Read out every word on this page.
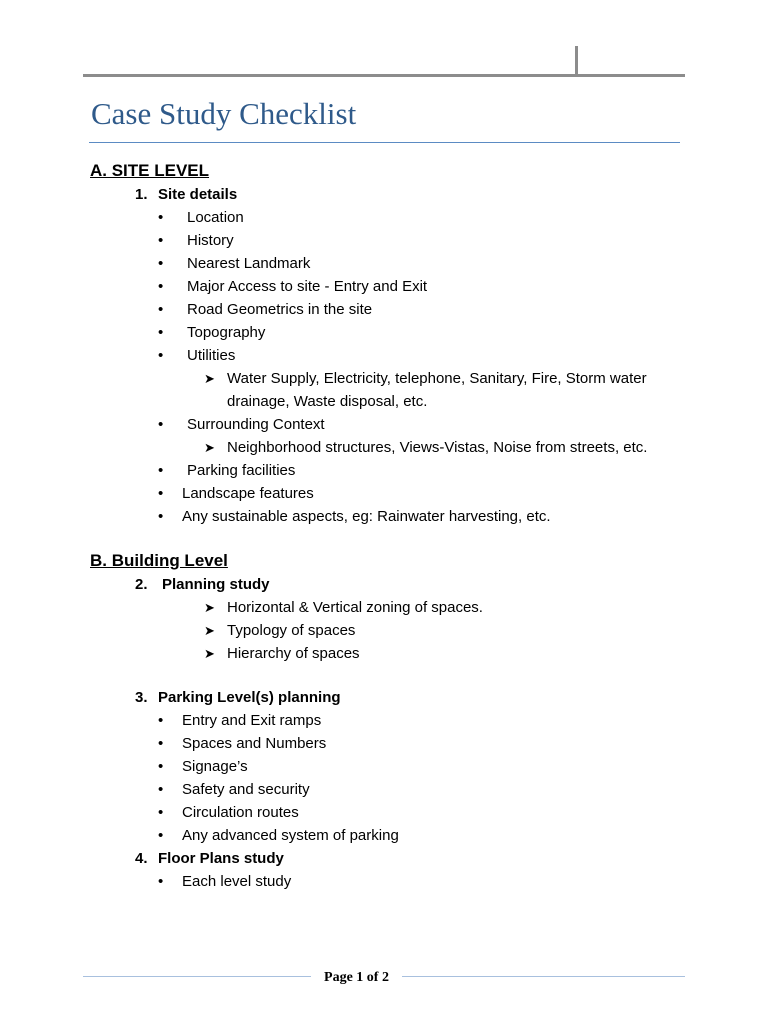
Case Study Checklist
A. SITE LEVEL
1. Site details
• Location
• History
• Nearest Landmark
• Major Access to site - Entry and Exit
• Road Geometrics in the site
• Topography
• Utilities
➤ Water Supply, Electricity, telephone, Sanitary, Fire, Storm water drainage, Waste disposal, etc.
• Surrounding Context
➤ Neighborhood structures, Views-Vistas, Noise from streets, etc.
• Parking facilities
• Landscape features
• Any sustainable aspects, eg: Rainwater harvesting, etc.
B. Building Level
2. Planning study
➤ Horizontal & Vertical zoning of spaces.
➤ Typology of spaces
➤ Hierarchy of spaces
3. Parking Level(s) planning
• Entry and Exit ramps
• Spaces and Numbers
• Signage’s
• Safety and security
• Circulation routes
• Any advanced system of parking
4. Floor Plans study
• Each level study
Page 1 of 2
